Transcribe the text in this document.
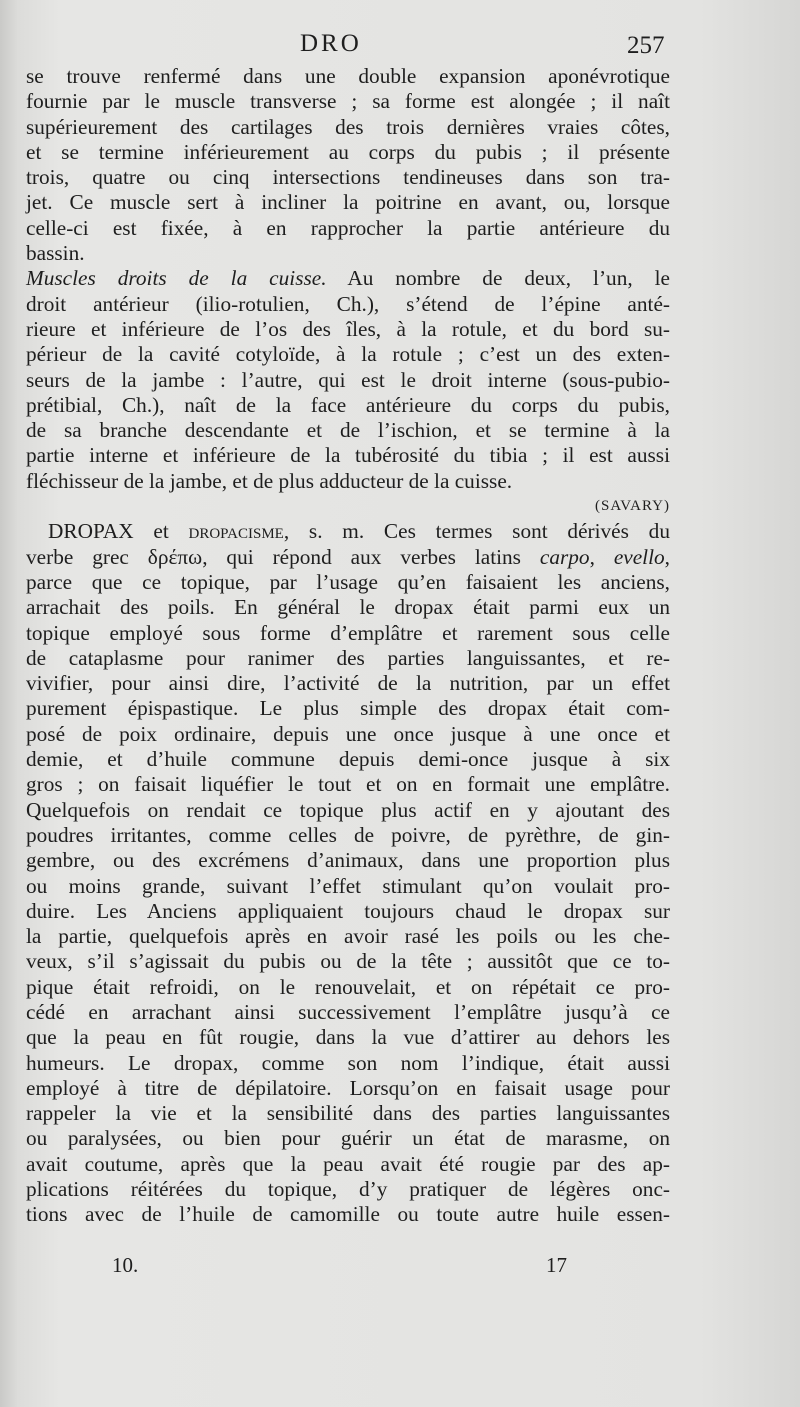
DRO	257
se trouve renfermé dans une double expansion aponévrotique
fournie par le muscle transverse ; sa forme est alongée ; il naît
supérieurement des cartilages des trois dernières vraies côtes,
et se termine inférieurement au corps du pubis ; il présente
trois, quatre ou cinq intersections tendineuses dans son tra-
jet. Ce muscle sert à incliner la poitrine en avant, ou, lorsque
celle-ci est fixée, à en rapprocher la partie antérieure du
bassin.
Muscles droits de la cuisse. Au nombre de deux, l’un, le
droit antérieur (ilio-rotulien, Ch.), s’étend de l’épine anté-
rieure et inférieure de l’os des îles, à la rotule, et du bord su-
périeur de la cavité cotyloïde, à la rotule ; c’est un des exten-
seurs de la jambe : l’autre, qui est le droit interne (sous-pubio-
prétibial, Ch.), naît de la face antérieure du corps du pubis,
de sa branche descendante et de l’ischion, et se termine à la
partie interne et inférieure de la tubérosité du tibia ; il est aussi
fléchisseur de la jambe, et de plus adducteur de la cuisse.
(SAVARY)
DROPAX et dropacisme, s. m. Ces termes sont dérivés du
verbe grec δρέπω, qui répond aux verbes latins carpo, evello,
parce que ce topique, par l’usage qu’en faisaient les anciens,
arrachait des poils. En général le dropax était parmi eux un
topique employé sous forme d’emplâtre et rarement sous celle
de cataplasme pour ranimer des parties languissantes, et re-
vivifier, pour ainsi dire, l’activité de la nutrition, par un effet
purement épispastique. Le plus simple des dropax était com-
posé de poix ordinaire, depuis une once jusque à une once et
demie, et d’huile commune depuis demi-once jusque à six
gros ; on faisait liquéfier le tout et on en formait une emplâtre.
Quelquefois on rendait ce topique plus actif en y ajoutant des
poudres irritantes, comme celles de poivre, de pyrèthre, de gin-
gembre, ou des excrémens d’animaux, dans une proportion plus
ou moins grande, suivant l’effet stimulant qu’on voulait pro-
duire. Les Anciens appliquaient toujours chaud le dropax sur
la partie, quelquefois après en avoir rasé les poils ou les che-
veux, s’il s’agissait du pubis ou de la tête ; aussitôt que ce to-
pique était refroidi, on le renouvelait, et on répétait ce pro-
cédé en arrachant ainsi successivement l’emplâtre jusqu’à ce
que la peau en fût rougie, dans la vue d’attirer au dehors les
humeurs. Le dropax, comme son nom l’indique, était aussi
employé à titre de dépilatoire. Lorsqu’on en faisait usage pour
rappeler la vie et la sensibilité dans des parties languissantes
ou paralysées, ou bien pour guérir un état de marasme, on
avait coutume, après que la peau avait été rougie par des ap-
plications réitérées du topique, d’y pratiquer de légères onc-
tions avec de l’huile de camomille ou toute autre huile essen-
10.	17
